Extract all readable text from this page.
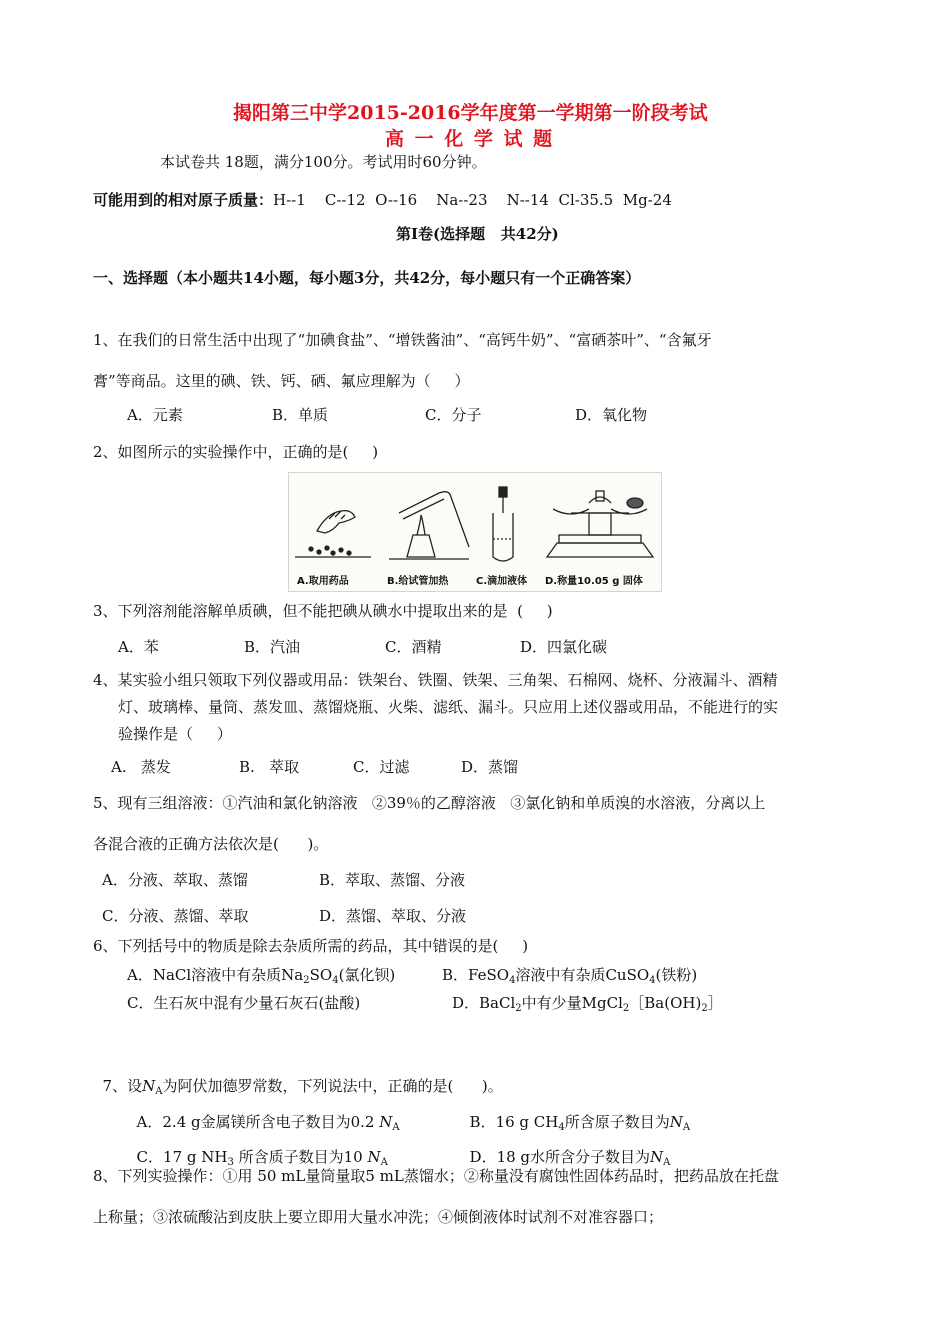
揭阳第三中学2015-2016学年度第一学期第一阶段考试
高 一 化 学 试 题
本试卷共 18题，满分100分。考试用时60分钟。
可能用到的相对原子质量：H--1    C--12  O--16    Na--23    N--14  Cl-35.5  Mg-24
第Ⅰ卷(选择题   共42分)
一、选择题（本小题共14小题，每小题3分，共42分，每小题只有一个正确答案）
1、在我们的日常生活中出现了“加碘食盐”、“增铁酱油”、“高钙牛奶”、“富硒茶叶”、“含氟牙
膏”等商品。这里的碘、铁、钙、硒、氟应理解为（     ）
A．元素	B．单质	C．分子	D．氧化物
2、如图所示的实验操作中，正确的是(     )
A.取用药品	B.给试管加热	C.滴加液体 D.称量10.05 g 固体
3、下列溶剂能溶解单质碘，但不能把碘从碘水中提取出来的是  (     )
A．苯	B．汽油	C．酒精	D．四氯化碳
4、某实验小组只领取下列仪器或用品：铁架台、铁圈、铁架、三角架、石棉网、烧杯、分液漏斗、酒精
灯、玻璃棒、量筒、蒸发皿、蒸馏烧瓶、火柴、滤纸、漏斗。只应用上述仪器或用品，不能进行的实
验操作是（     ）
A.   蒸发	B.   萃取	C．过滤	D．蒸馏
5、现有三组溶液：①汽油和氯化钠溶液   ②39％的乙醇溶液   ③氯化钠和单质溴的水溶液，分离以上
各混合液的正确方法依次是(      )。
A．分液、萃取、蒸馏	B．萃取、蒸馏、分液
C．分液、蒸馏、萃取	D．蒸馏、萃取、分液
6、下列括号中的物质是除去杂质所需的药品，其中错误的是(     )
A．NaCl溶液中有杂质$Na_2SO_4$(氯化钡)	B．FeSO$_4$溶液中有杂质CuSO$_4$(铁粉)
C．生石灰中混有少量石灰石(盐酸)	D．BaCl$_2$中有少量$MgCl_2[Ba(OH)_2]$

7、设$N_A$为阿伏加德罗常数，下列说法中，正确的是(      )。

A．2.4 g金属镁所含电子数目为0.2 $N_A$	B．16 g $CH_4$所含原子数目为$N_A$

C．17 g $NH_3$ 所含质子数目为10 $N_A$	D．18 g水所含分子数目为$N_A$

8、下列实验操作：①用 50 mL量筒量取5 mL蒸馏水；②称量没有腐蚀性固体药品时，把药品放在托盘
上称量；③浓硫酸沾到皮肤上要立即用大量水冲洗；④倾倒液体时试剂不对准容器口；
